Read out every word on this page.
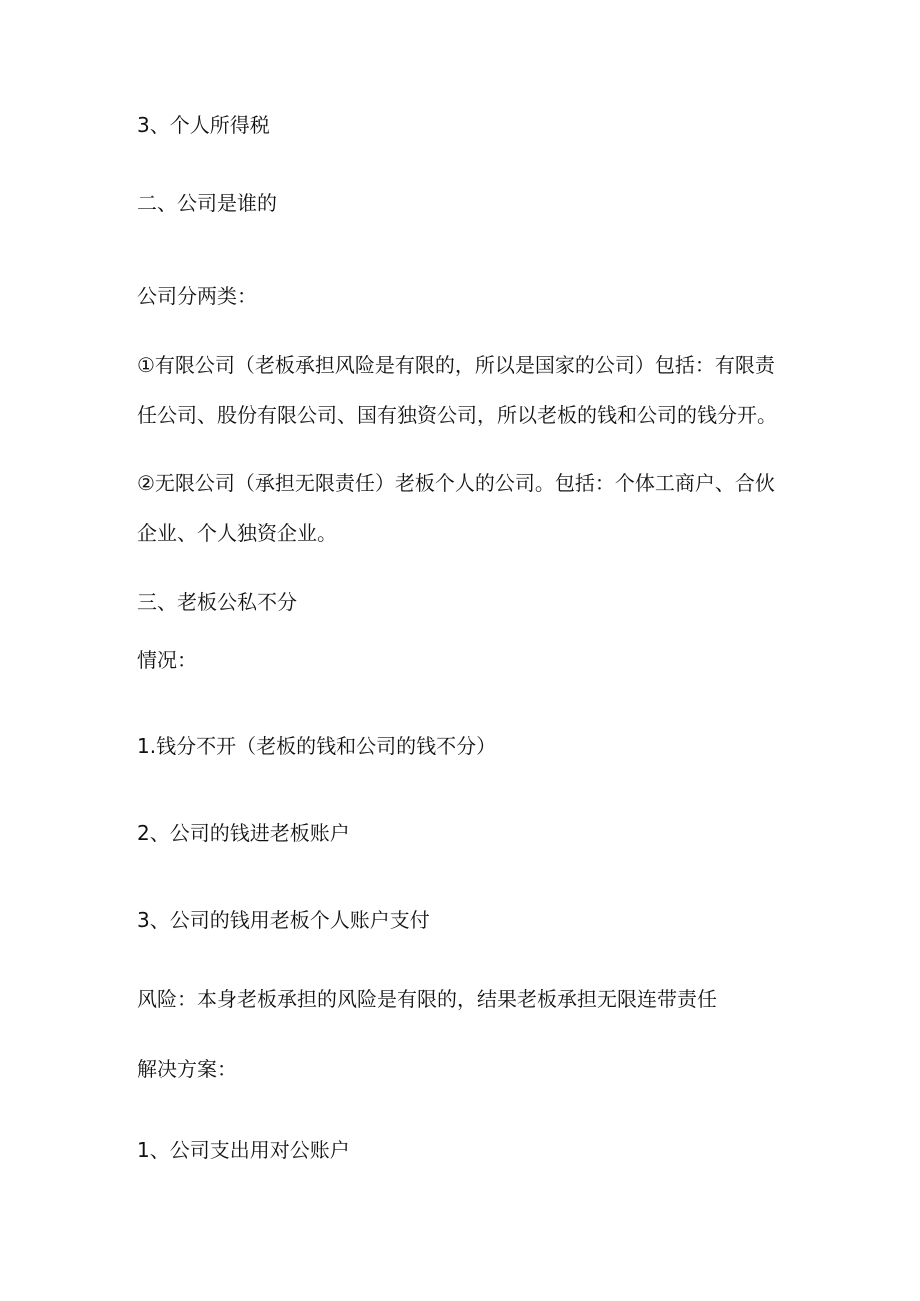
3、个人所得税
二、公司是谁的
公司分两类：
①有限公司（老板承担风险是有限的，所以是国家的公司）包括：有限责
任公司、股份有限公司、国有独资公司，所以老板的钱和公司的钱分开。
②无限公司（承担无限责任）老板个人的公司。包括：个体工商户、合伙
企业、个人独资企业。
三、老板公私不分
情况：
1.钱分不开（老板的钱和公司的钱不分）
2、公司的钱进老板账户
3、公司的钱用老板个人账户支付
风险：本身老板承担的风险是有限的，结果老板承担无限连带责任
解决方案：
1、公司支出用对公账户
